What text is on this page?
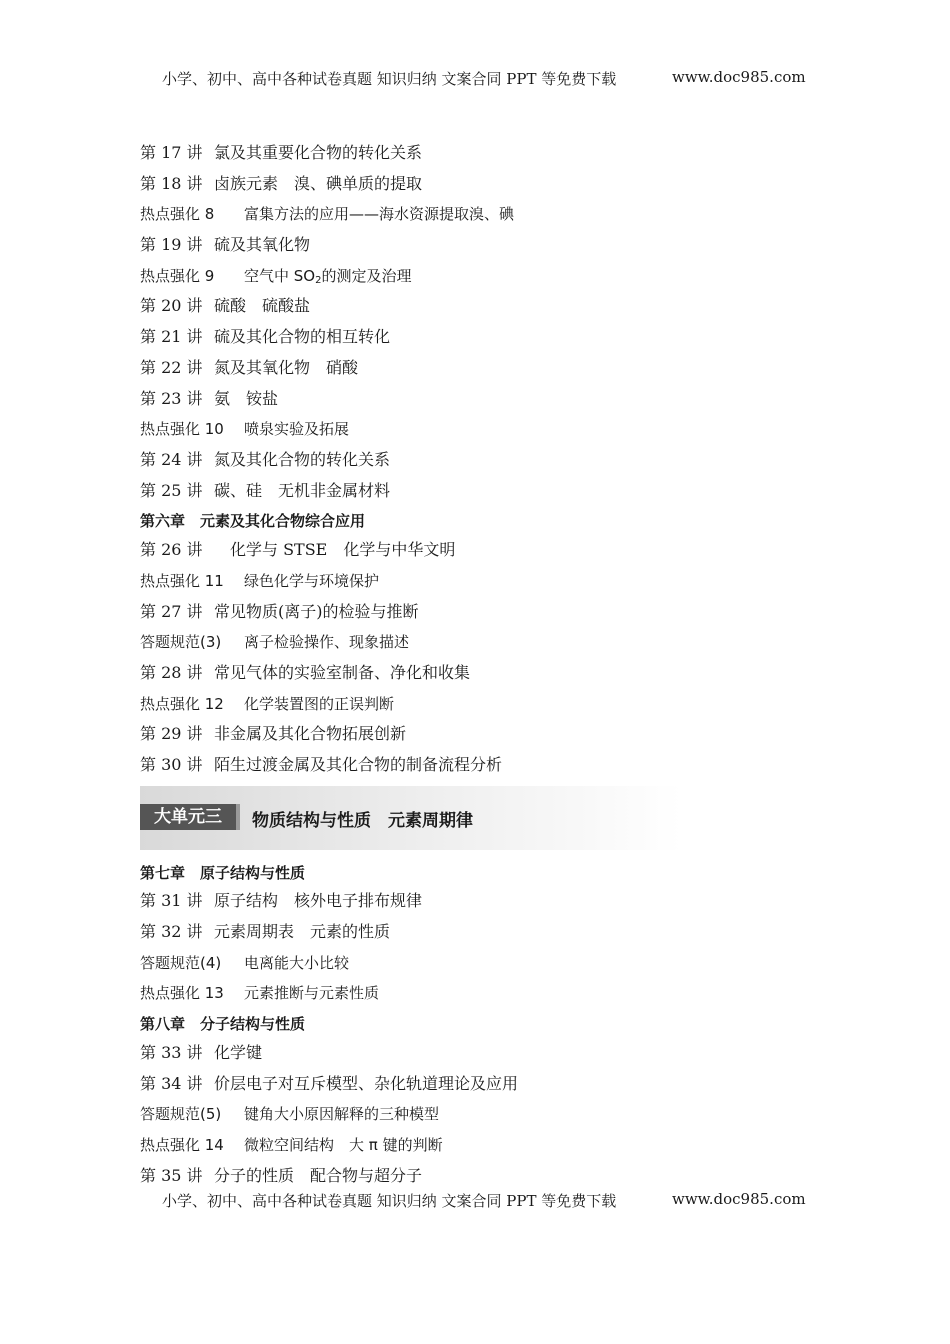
小学、初中、高中各种试卷真题 知识归纳 文案合同 PPT 等免费下载	www.doc985.com
第 17 讲 氯及其重要化合物的转化关系
第 18 讲 卤族元素　溴、碘单质的提取
热点强化 8 富集方法的应用——海水资源提取溴、碘
第 19 讲 硫及其氧化物
热点强化 9 空气中 $SO_2$的测定及治理
第 20 讲 硫酸　硫酸盐
第 21 讲 硫及其化合物的相互转化
第 22 讲 氮及其氧化物　硝酸
第 23 讲 氨　铵盐
热点强化 10 喷泉实验及拓展
第 24 讲 氮及其化合物的转化关系
第 25 讲 碳、硅　无机非金属材料
第六章　元素及其化合物综合应用
第 26 讲　化学与 STSE　化学与中华文明
热点强化 11 绿色化学与环境保护
第 27 讲 常见物质(离子)的检验与推断
答题规范(3) 离子检验操作、现象描述
第 28 讲 常见气体的实验室制备、净化和收集
热点强化 12 化学装置图的正误判断
第 29 讲 非金属及其化合物拓展创新
第 30 讲 陌生过渡金属及其化合物的制备流程分析
大单元三	物质结构与性质　元素周期律
第七章　原子结构与性质
第 31 讲 原子结构　核外电子排布规律
第 32 讲 元素周期表　元素的性质
答题规范(4) 电离能大小比较
热点强化 13 元素推断与元素性质
第八章　分子结构与性质
第 33 讲 化学键
第 34 讲 价层电子对互斥模型、杂化轨道理论及应用
答题规范(5) 键角大小原因解释的三种模型
热点强化 14 微粒空间结构　大 π 键的判断
第 35 讲 分子的性质　配合物与超分子
小学、初中、高中各种试卷真题 知识归纳 文案合同 PPT 等免费下载	www.doc985.com
